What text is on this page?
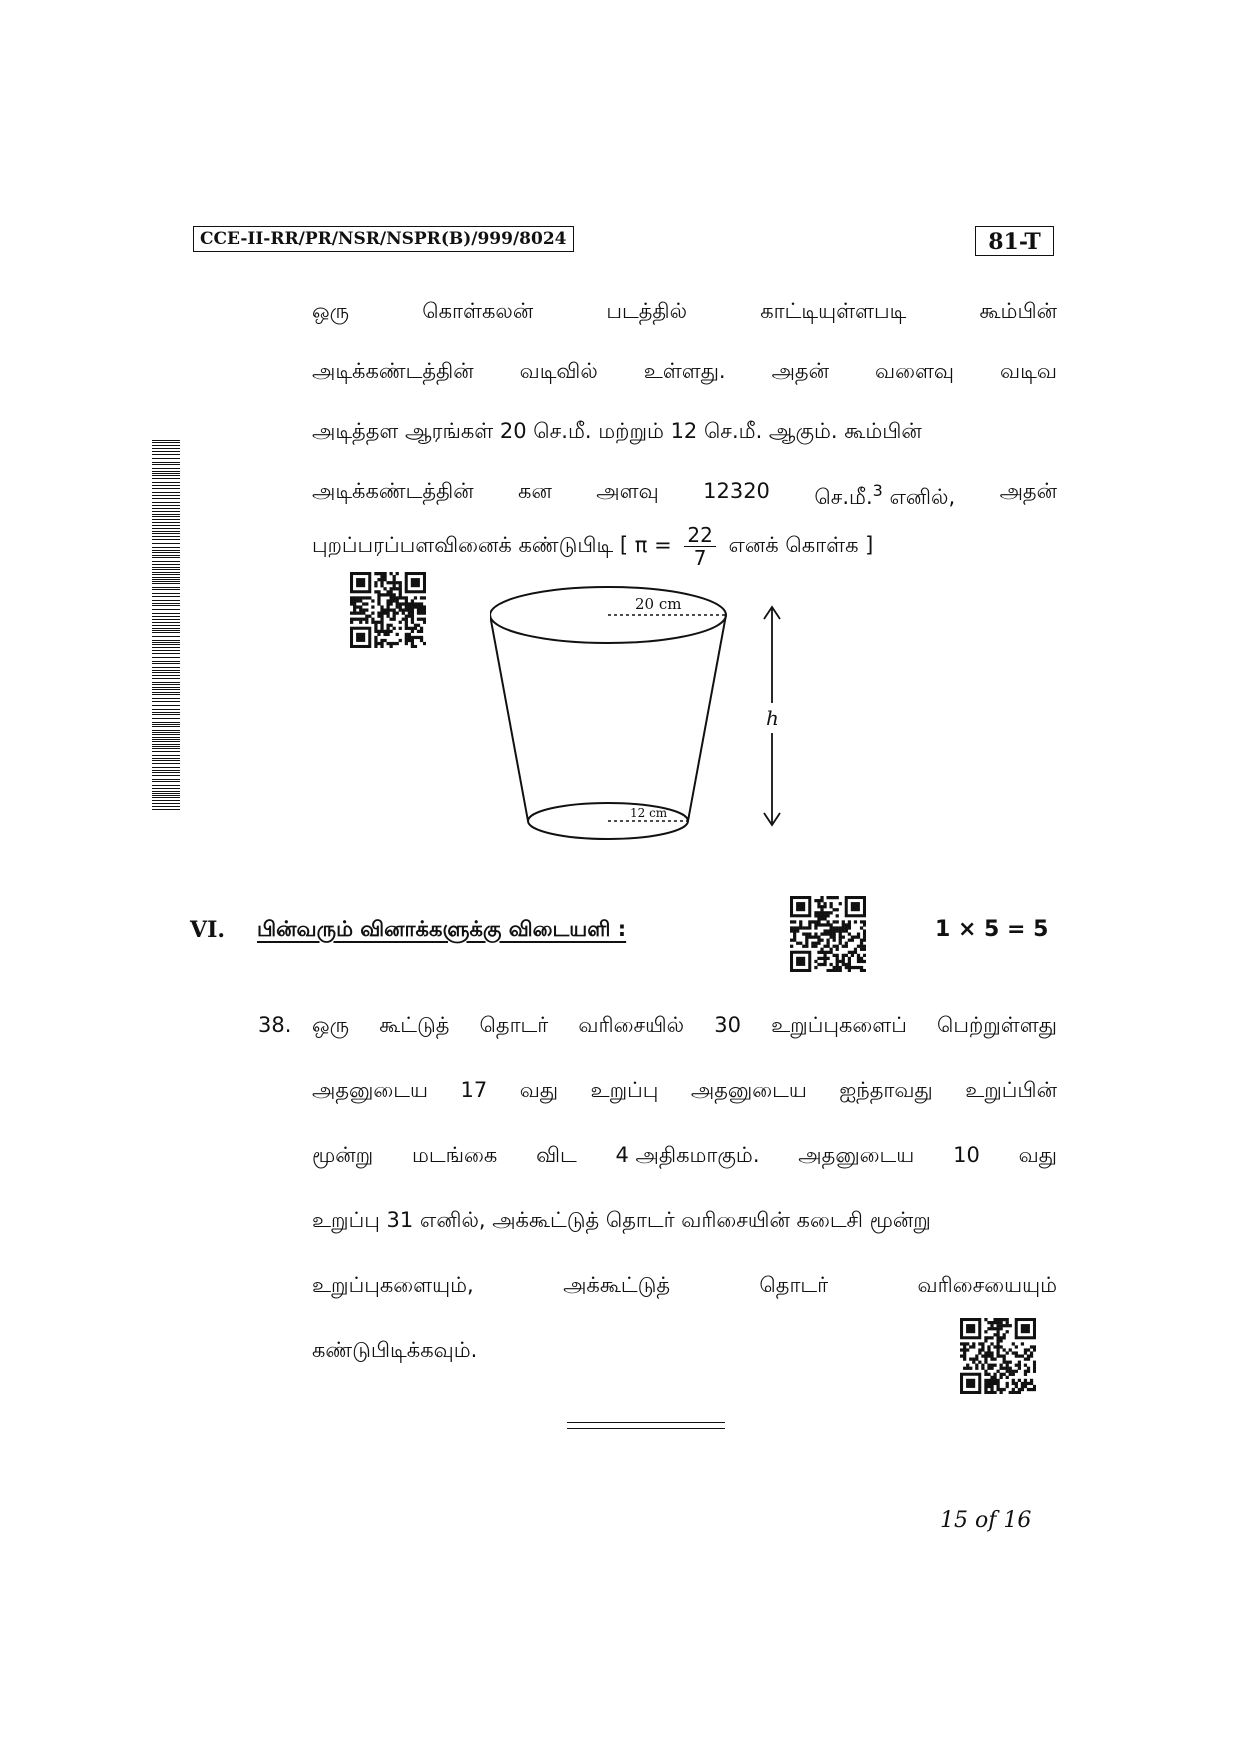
CCE-II-RR/PR/NSR/NSPR(B)/999/8024	81-T
ஒரு	கொள்கலன்	படத்தில்	காட்டியுள்ளபடி	கூம்பின்
அடிக்கண்டத்தின் வடிவில் உள்ளது. அதன் வளைவு வடிவ
அடித்தள ஆரங்கள் 20 செ.மீ. மற்றும் 12 செ.மீ. ஆகும். கூம்பின்
அடிக்கண்டத்தின் கன அளவு 12320 செ.மீ.$^3$ எனில், அதன்
புறப்பரப்பளவினைக் கண்டுபிடி [ $\pi = \frac{22}{7}$ எனக் கொள்க ]
20 cm
12 cm
h
VI. பின்வரும் வினாக்களுக்கு விடையளி :	1 × 5 = 5
38. ஒரு கூட்டுத் தொடர் வரிசையில் 30 உறுப்புகளைப் பெற்றுள்ளது
அதனுடைய 17 வது உறுப்பு அதனுடைய ஐந்தாவது உறுப்பின்
மூன்று மடங்கை விட 4 அதிகமாகும். அதனுடைய 10 வது
உறுப்பு 31 எனில், அக்கூட்டுத் தொடர் வரிசையின் கடைசி மூன்று
உறுப்புகளையும்,	அக்கூட்டுத்	தொடர்	வரிசையையும்
கண்டுபிடிக்கவும்.
15 of 16
